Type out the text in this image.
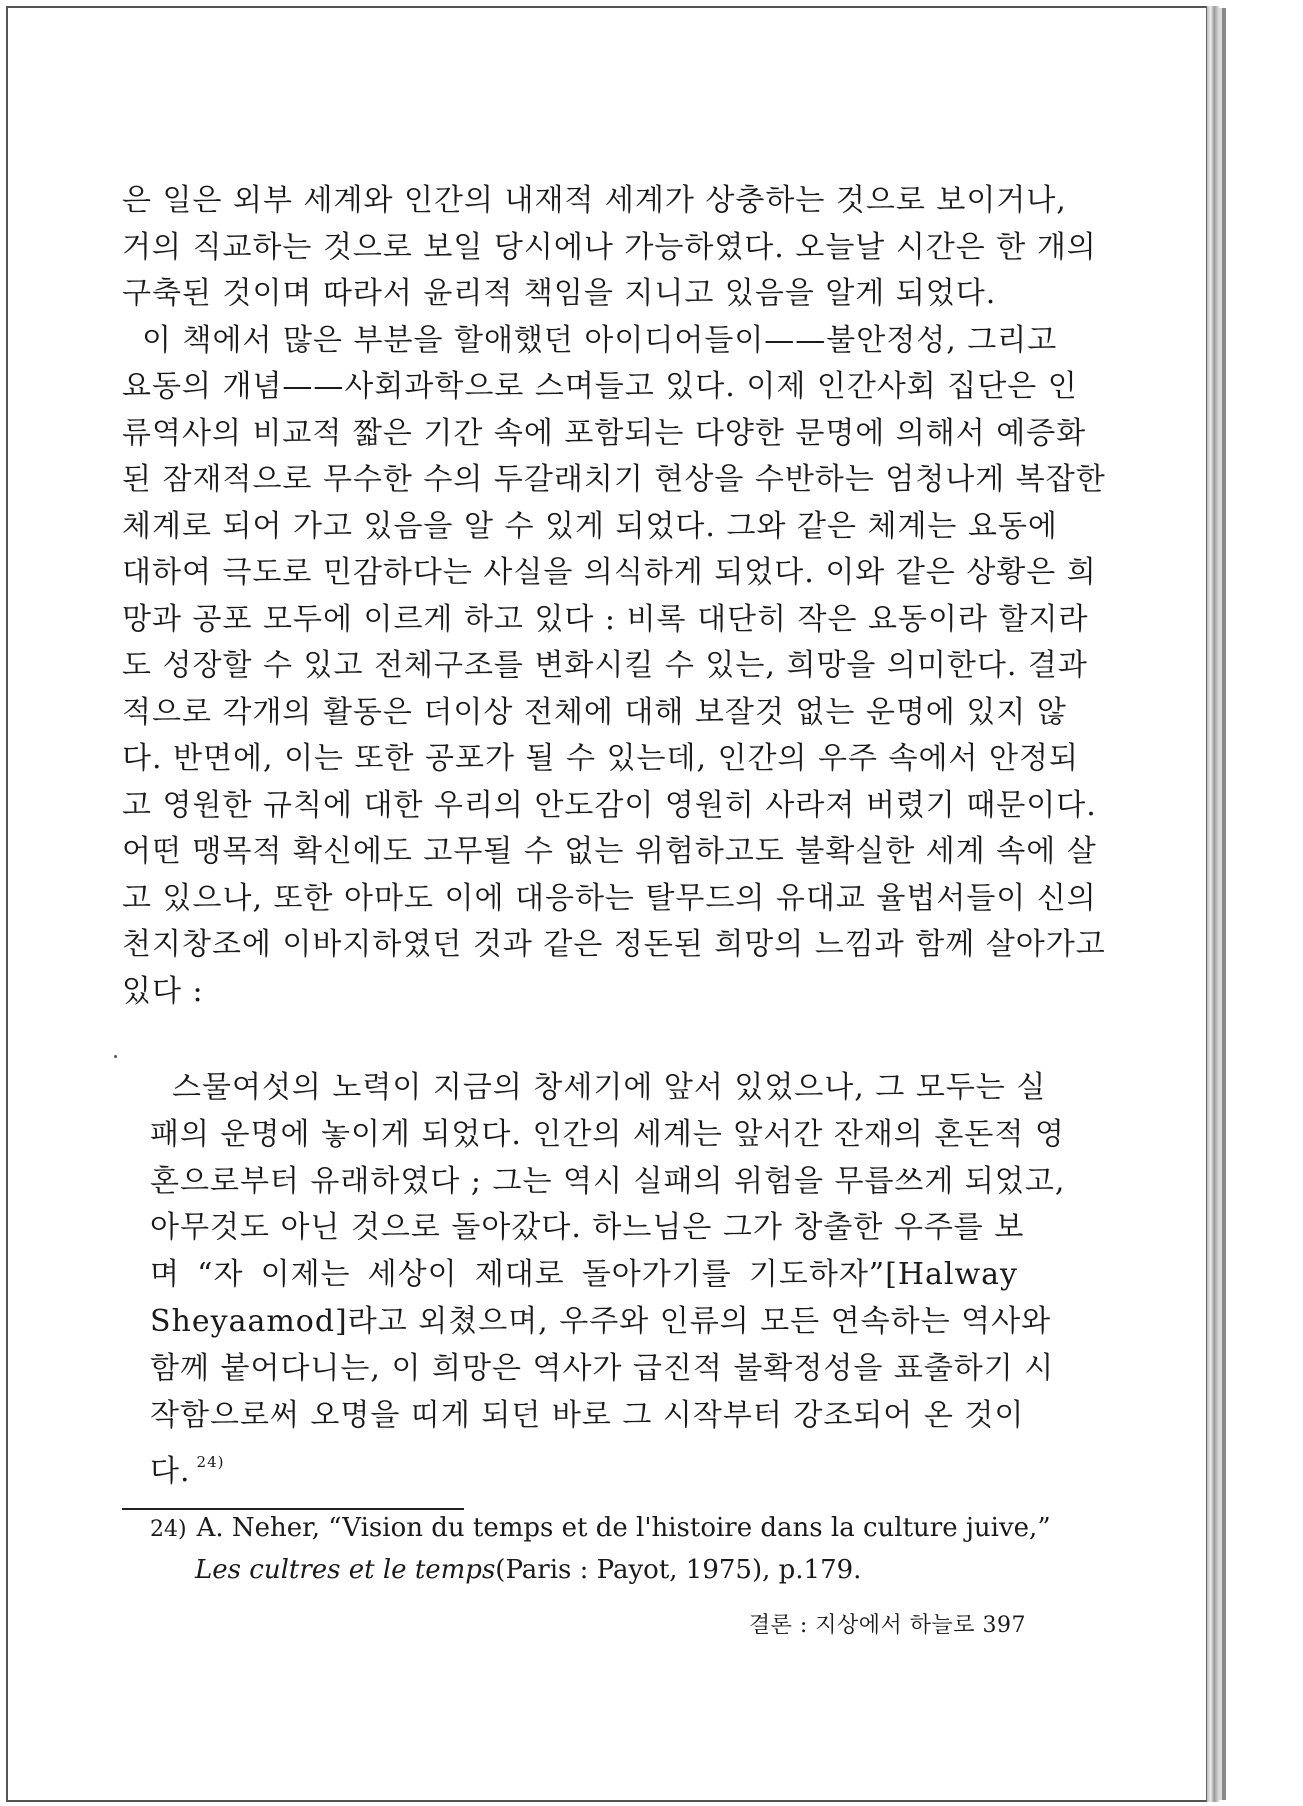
은 일은 외부 세계와 인간의 내재적 세계가 상충하는 것으로 보이거나,
거의 직교하는 것으로 보일 당시에나 가능하였다. 오늘날 시간은 한 개의
구축된 것이며 따라서 윤리적 책임을 지니고 있음을 알게 되었다.
이 책에서 많은 부분을 할애했던 아이디어들이——불안정성, 그리고
요동의 개념——사회과학으로 스며들고 있다. 이제 인간사회 집단은 인
류역사의 비교적 짧은 기간 속에 포함되는 다양한 문명에 의해서 예증화
된 잠재적으로 무수한 수의 두갈래치기 현상을 수반하는 엄청나게 복잡한
체계로 되어 가고 있음을 알 수 있게 되었다. 그와 같은 체계는 요동에
대하여 극도로 민감하다는 사실을 의식하게 되었다. 이와 같은 상황은 희
망과 공포 모두에 이르게 하고 있다 : 비록 대단히 작은 요동이라 할지라
도 성장할 수 있고 전체구조를 변화시킬 수 있는, 희망을 의미한다. 결과
적으로 각개의 활동은 더이상 전체에 대해 보잘것 없는 운명에 있지 않
다. 반면에, 이는 또한 공포가 될 수 있는데, 인간의 우주 속에서 안정되
고 영원한 규칙에 대한 우리의 안도감이 영원히 사라져 버렸기 때문이다.
어떤 맹목적 확신에도 고무될 수 없는 위험하고도 불확실한 세계 속에 살
고 있으나, 또한 아마도 이에 대응하는 탈무드의 유대교 율법서들이 신의
천지창조에 이바지하였던 것과 같은 정돈된 희망의 느낌과 함께 살아가고
있다 :
스물여섯의 노력이 지금의 창세기에 앞서 있었으나, 그 모두는 실
패의 운명에 놓이게 되었다. 인간의 세계는 앞서간 잔재의 혼돈적 영
혼으로부터 유래하였다 ; 그는 역시 실패의 위험을 무릅쓰게 되었고,
아무것도 아닌 것으로 돌아갔다. 하느님은 그가 창출한 우주를 보
며 “자 이제는 세상이 제대로 돌아가기를 기도하자”[Halway
Sheyaamod]라고 외쳤으며, 우주와 인류의 모든 연속하는 역사와
함께 붙어다니는, 이 희망은 역사가 급진적 불확정성을 표출하기 시
작함으로써 오명을 띠게 되던 바로 그 시작부터 강조되어 온 것이
다. $^{24)}$
24) A. Neher, “Vision du temps et de l'histoire dans la culture juive,”
Les cultres et le temps(Paris : Payot, 1975), p.179.
결론 : 지상에서 하늘로 397
